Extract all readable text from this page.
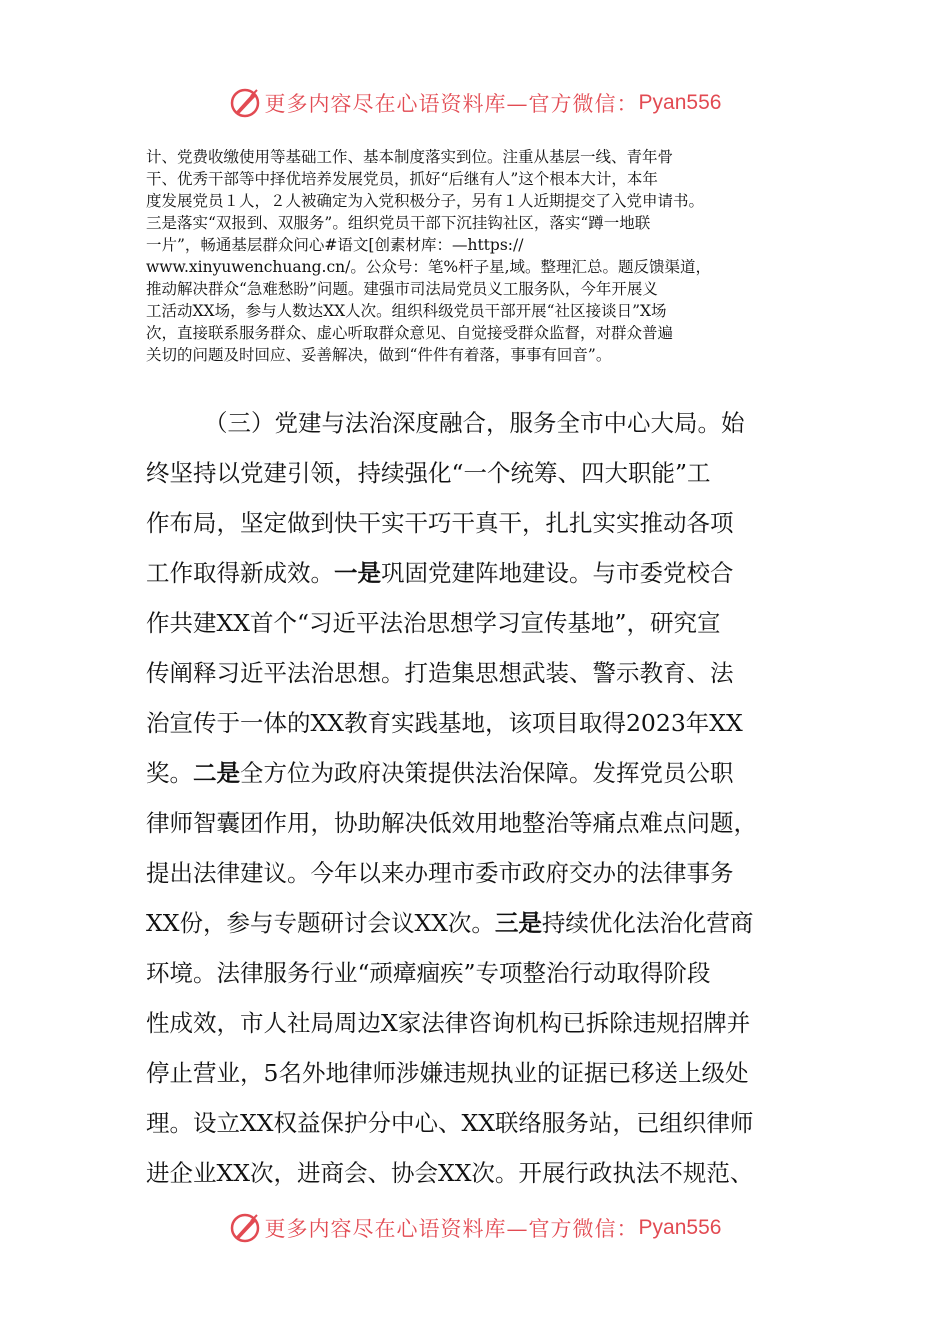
更多内容尽在心语资料库—官方微信： Pyan556

计、党费收缴使用等基础工作、基本制度落实到位。注重从基层一线、青年骨

干、优秀干部等中择优培养发展党员，抓好“后继有人”这个根本大计，本年

度发展党员１人，２人被确定为入党积极分子，另有１人近期提交了入党申请书。

三是落实“双报到、双服务”。组织党员干部下沉挂钩社区，落实“蹲一地联

一片”，畅通基层群众问心#语文[创素材库：—https://

www.xinyuwenchuang.cn/。公众号：笔%杆子星,域。整理汇总。题反馈渠道，

推动解决群众“急难愁盼”问题。建强市司法局党员义工服务队，今年开展义

工活动XX场，参与人数达XX人次。组织科级党员干部开展“社区接谈日”X场

次，直接联系服务群众、虚心听取群众意见、自觉接受群众监督，对群众普遍

关切的问题及时回应、妥善解决，做到“件件有着落，事事有回音”。

（三）党建与法治深度融合，服务全市中心大局。始

终坚持以党建引领，持续强化“一个统筹、四大职能”工

作布局，坚定做到快干实干巧干真干，扎扎实实推动各项

工作取得新成效。一是巩固党建阵地建设。与市委党校合

作共建XX首个“习近平法治思想学习宣传基地”，研究宣

传阐释习近平法治思想。打造集思想武装、警示教育、法

治宣传于一体的XX教育实践基地，该项目取得2023年XX

奖。二是全方位为政府决策提供法治保障。发挥党员公职

律师智囊团作用，协助解决低效用地整治等痛点难点问题，

提出法律建议。今年以来办理市委市政府交办的法律事务

XX份，参与专题研讨会议XX次。三是持续优化法治化营商

环境。法律服务行业“顽瘴痼疾”专项整治行动取得阶段

性成效，市人社局周边X家法律咨询机构已拆除违规招牌并

停止营业，5名外地律师涉嫌违规执业的证据已移送上级处

理。设立XX权益保护分中心、XX联络服务站，已组织律师

进企业XX次，进商会、协会XX次。开展行政执法不规范、

更多内容尽在心语资料库—官方微信： Pyan556
